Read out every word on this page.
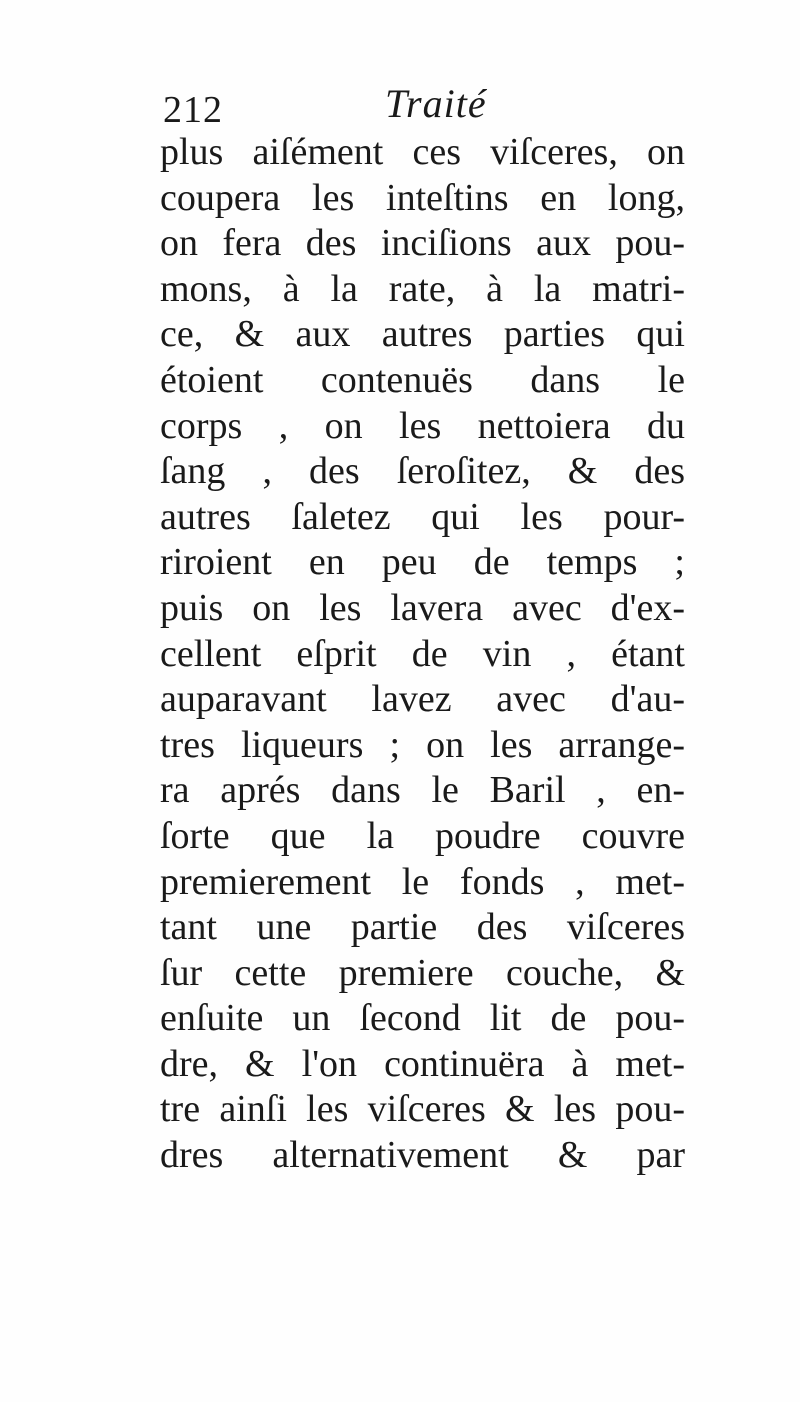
212	Traité
plus aiſément ces viſceres, on
coupera les inteſtins en long,
on fera des inciſions aux pou-
mons, à la rate, à la matri-
ce, & aux autres parties qui
étoient contenuës dans le
corps , on les nettoiera du
ſang , des ſeroſitez, & des
autres ſaletez qui les pour-
riroient en peu de temps ;
puis on les lavera avec d'ex-
cellent eſprit de vin , étant
auparavant lavez avec d'au-
tres liqueurs ; on les arrange-
ra aprés dans le Baril , en-
ſorte que la poudre couvre
premierement le fonds , met-
tant une partie des viſceres
ſur cette premiere couche, &
enſuite un ſecond lit de pou-
dre, & l'on continuëra à met-
tre ainſi les viſceres & les pou-
dres alternativement & par
